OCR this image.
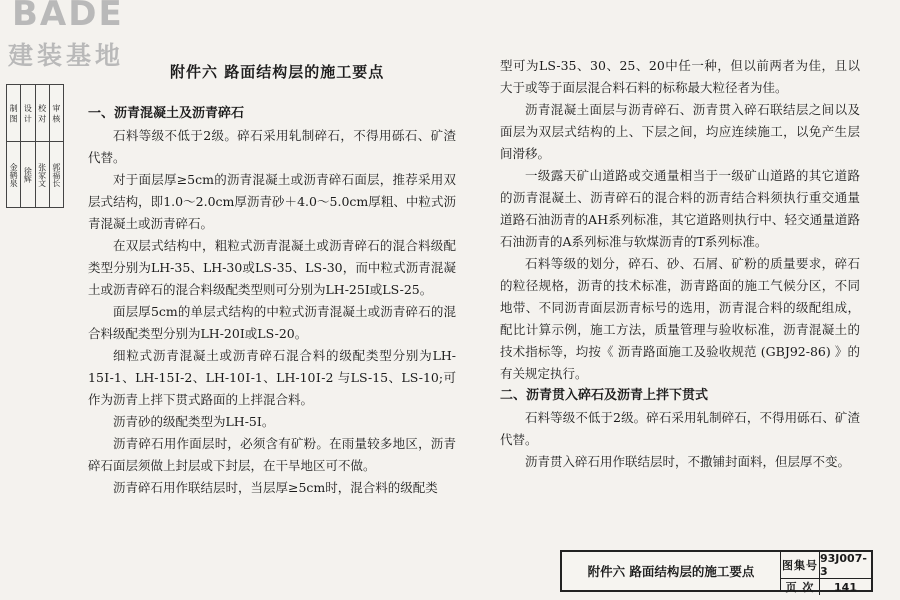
BADE
建装基地
审 核
郭福长
校 对
张家文
设 计
徐辉
制 图
金鹤泉
附件六 路面结构层的施工要点

一、沥青混凝土及沥青碎石

石料等级不低于2级。碎石采用轧制碎石，不得用砾石、矿渣代替。

对于面层厚≥5cm的沥青混凝土或沥青碎石面层，推荐采用双层式结构，即1.0～2.0cm厚沥青砂＋4.0～5.0cm厚粗、中粒式沥青混凝土或沥青碎石。

在双层式结构中，粗粒式沥青混凝土或沥青碎石的混合料级配类型分别为LH-35、LH-30或LS-35、LS-30，而中粒式沥青混凝土或沥青碎石的混合料级配类型则可分别为LH-25I或LS-25。

面层厚5cm的单层式结构的中粒式沥青混凝土或沥青碎石的混合料级配类型分别为LH-20I或LS-20。

细粒式沥青混凝土或沥青碎石混合料的级配类型分别为LH-15Ⅰ-1、LH-15Ⅰ-2、LH-10Ⅰ-1、LH-10Ⅰ-2 与LS-15、LS-10;可作为沥青上拌下贯式路面的上拌混合料。

沥青砂的级配类型为LH-5I。

沥青碎石用作面层时，必须含有矿粉。在雨量较多地区，沥青碎石面层须做上封层或下封层，在干旱地区可不做。

沥青碎石用作联结层时，当层厚≥5cm时，混合料的级配类

型可为LS-35、30、25、20中任一种，但以前两者为佳，且以大于或等于面层混合料石料的标称最大粒径者为佳。

沥青混凝土面层与沥青碎石、沥青贯入碎石联结层之间以及面层为双层式结构的上、下层之间，均应连续施工，以免产生层间滑移。

一级露天矿山道路或交通量相当于一级矿山道路的其它道路的沥青混凝土、沥青碎石的混合料的沥青结合料须执行重交通量道路石油沥青的AH系列标准，其它道路则执行中、轻交通量道路石油沥青的A系列标准与软煤沥青的T系列标准。

石料等级的划分，碎石、砂、石屑、矿粉的质量要求，碎石的粒径规格，沥青的技术标准，沥青路面的施工气候分区，不同地带、不同沥青面层沥青标号的选用，沥青混合料的级配组成，配比计算示例，施工方法，质量管理与验收标准，沥青混凝土的技术指标等，均按《 沥青路面施工及验收规范 (GBJ92-86) 》的有关规定执行。

二、沥青贯入碎石及沥青上拌下贯式

石料等级不低于2级。碎石采用轧制碎石，不得用砾石、矿渣代替。

沥青贯入碎石用作联结层时，不撒铺封面料，但层厚不变。

附件六 路面结构层的施工要点	图集号
93J007-3
页 次	141
